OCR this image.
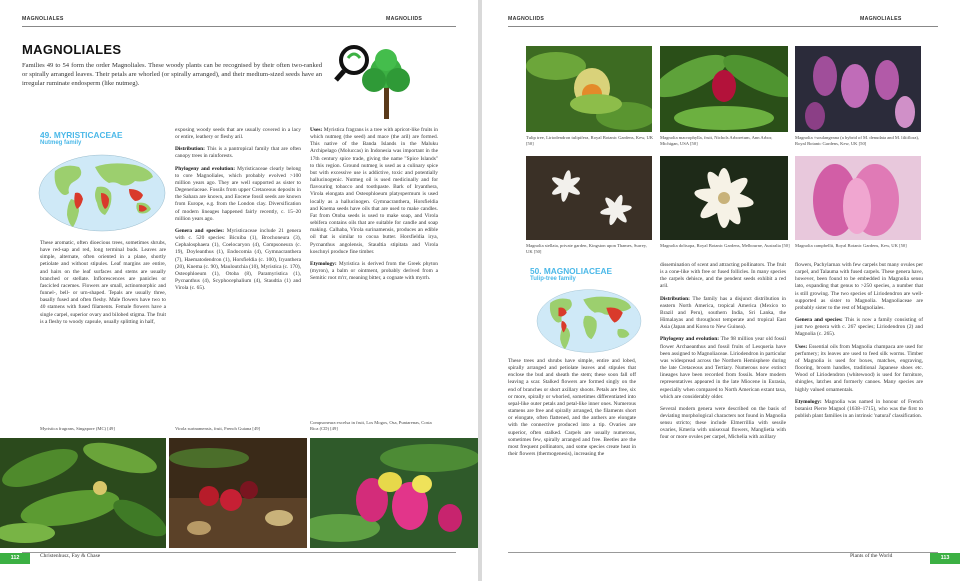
MAGNOLIALES	MAGNOLIIDS
MAGNOLIALES
Families 49 to 54 form the order Magnoliales. These woody plants can be recognised by their often two-ranked or spirally arranged leaves. Their petals are whorled (or spirally arranged), and their medium-sized seeds have an irregular ruminate endosperm (like nutmeg).
49. MYRISTICACEAE
Nutmeg family
These aromatic, often dioecious trees, sometimes shrubs, have red-sap and red, long terminal buds. Leaves are simple, alternate, often oriented in a plane, shortly petiolate and without stipules. Leaf margins are entire, and hairs on the leaf surfaces and stems are usually branched or stellate. Inflorescences are panicles or fascicled racemes. Flowers are small, actinomorphic and funnel-, bell- or urn-shaped. Tepals are usually three, basally fused and often fleshy. Male flowers have two to 40 stamens with fused filaments. Female flowers have a single carpel, superior ovary and bilobed stigma. The fruit is a fleshy to woody capsule, usually splitting in half,

exposing woody seeds that are usually covered in a lacy or entire, leathery or fleshy aril.

Distribution: This is a pantropical family that are often canopy trees in rainforests.

Phylogeny and evolution: Myristicaceae clearly belong to core Magnoliales, which probably evolved >100 million years ago. They are well supported as sister to Degeneriaceae. Fossils from upper Cretaceous deposits in the Sahara are known, and Eocene fossil seeds are known from Europe, e.g. from the London clay. Diversification of modern lineages happened fairly recently, c. 15–20 million years ago.

Genera and species: Myristicaceae include 21 genera with c. 520 species: Bicuiba (1), Brochoneura (3), Cephalosphaera (1), Coelocaryon (4), Compsoneura (c. 19), Doyleanthus (1), Endocomia (4), Gymnacranthera (7), Haematodendron (1), Horsfieldia (c. 100), Iryanthera (20), Knema (c. 90), Mauloutchia (10), Myristica (c. 170), Osteophloeum (1), Otoba (8), Paramyristica (1), Pycnanthus (4), Scyphocephalium (4), Staudtia (1) and Virola (c. 65).

Uses: Myristica fragrans is a tree with apricot-like fruits in which nutmeg (the seed) and mace (the aril) are formed. This native of the Banda Islands in the Maluku Archipelago (Moluccas) in Indonesia was important in the 17th century spice trade, giving the name "Spice Islands" to this region. Ground nutmeg is used as a culinary spice but with excessive use is addictive, toxic and potentially hallucinogenic. Nutmeg oil is used medicinally and for flavouring tobacco and toothpaste. Bark of Iryanthera, Virola elongata and Osteophloeum platyspermum is used locally as a hallucinogen. Gymnacranthera, Horsfieldia and Knema seeds have oils that are used to make candles. Fat from Otoba seeds is used to make soap, and Virola sebifera contains oils that are suitable for candle and soap making. Calhaba, Virola surinamensis, produces an edible oil that is similar to cocoa butter. Horsfieldia irya, Pycnanthus angolensis, Staudtia stipitata and Virola koschnyi produce fine timber.

Etymology: Myristica is derived from the Greek phyton (myron), a balm or ointment, probably derived from a Semitic root m'rr, meaning bitter, a cognate with myrrh.

Myristica fragrans, Singapore (MC) [49]	Virola surinamensis, fruit, French Guiana [49]
Compsoneura excelsa in fruit, Los Mogos, Osa, Puntarenas, Costa Rica (CD) [49]
112	Christenhusz, Fay & Chase
MAGNOLIIDS	MAGNOLIALES
Tulip tree, Liriodendron tulipifera, Royal Botanic Gardens, Kew, UK [50]
Magnolia macrophylla, fruit, Nichols Arboretum, Ann Arbor, Michigan, USA [50]
Magnolia ×soulangeana (a hybrid of M. denudata and M. liliiflora), Royal Botanic Gardens, Kew, UK [50]
Magnolia stellata, private garden, Kingston upon Thames, Surrey, UK [50]
Magnolia doltsopa, Royal Botanic Gardens, Melbourne, Australia [50] Magnolia campbellii, Royal Botanic Gardens, Kew, UK [50]
50. MAGNOLIACEAE
Tulip-tree family
These trees and shrubs have simple, entire and lobed, spirally arranged and petiolate leaves and stipules that enclose the bud and sheath the stem; these soon fall off leaving a scar. Stalked flowers are formed singly on the end of branches or short axillary shoots. Petals are free, six or more, spirally or whorled, sometimes differentiated into sepal-like outer petals and petal-like inner ones. Numerous stamens are free and spirally arranged, the filaments short or elongate, often flattened, and the anthers are elongate with the connective produced into a tip. Ovaries are superior, often stalked. Carpels are usually numerous, sometimes few, spirally arranged and free. Beetles are the most frequent pollinators, and some species create heat in their flowers (thermogenesis), increasing the

dissemination of scent and attracting pollinators. The fruit is a cone-like with free or fused follicles. In many species the carpels dehisce, and the pendent seeds exhibit a red aril.

Distribution: The family has a disjunct distribution in eastern North America, tropical America (Mexico to Brazil and Peru), southern India, Sri Lanka, the Himalayas and throughout temperate and tropical East Asia (Japan and Korea to New Guinea).

Phylogeny and evolution: The 98 million year old fossil flower Archaeanthus and fossil fruits of Lesqueria have been assigned to Magnoliaceae. Liriodendron in particular was widespread across the Northern Hemisphere during the late Cretaceous and Tertiary. Numerous now extinct lineages have been recorded from fossils. More modern representatives appeared in the late Miocene in Eurasia, especially when compared to North American extant taxa, which are considerably older.

Several modern genera were described on the basis of deviating morphological characters not found in Magnolia sensu stricto; these include Elmerrillia with sessile ovaries, Kmeria with unisexual flowers, Manglietia with four or more ovules per carpel, Michelia with axillary

flowers, Pachylarnax with few carpels but many ovules per carpel, and Talauma with fused carpels. These genera have, however, been found to be embedded in Magnolia sensu lato, expanding that genus to >250 species, a number that is still growing. The two species of Liriodendron are well-supported as sister to Magnolia. Magnoliaceae are probably sister to the rest of Magnoliales.

Genera and species: This is now a family consisting of just two genera with c. 267 species; Liriodendron (2) and Magnolia (c. 265).

Uses: Essential oils from Magnolia champaca are used for perfumery; its leaves are used to feed silk worms. Timber of Magnolia is used for boxes, matches, engraving, flooring, broom handles, traditional Japanese shoes etc. Wood of Liriodendron (whitewood) is used for furniture, shingles, latches and formerly canoes. Many species are highly valued ornamentals.

Etymology: Magnolia was named in honour of French botanist Pierre Magnol (1638–1715), who was the first to publish plant families in an intrinsic 'natural' classification.

Plants of the World	113
